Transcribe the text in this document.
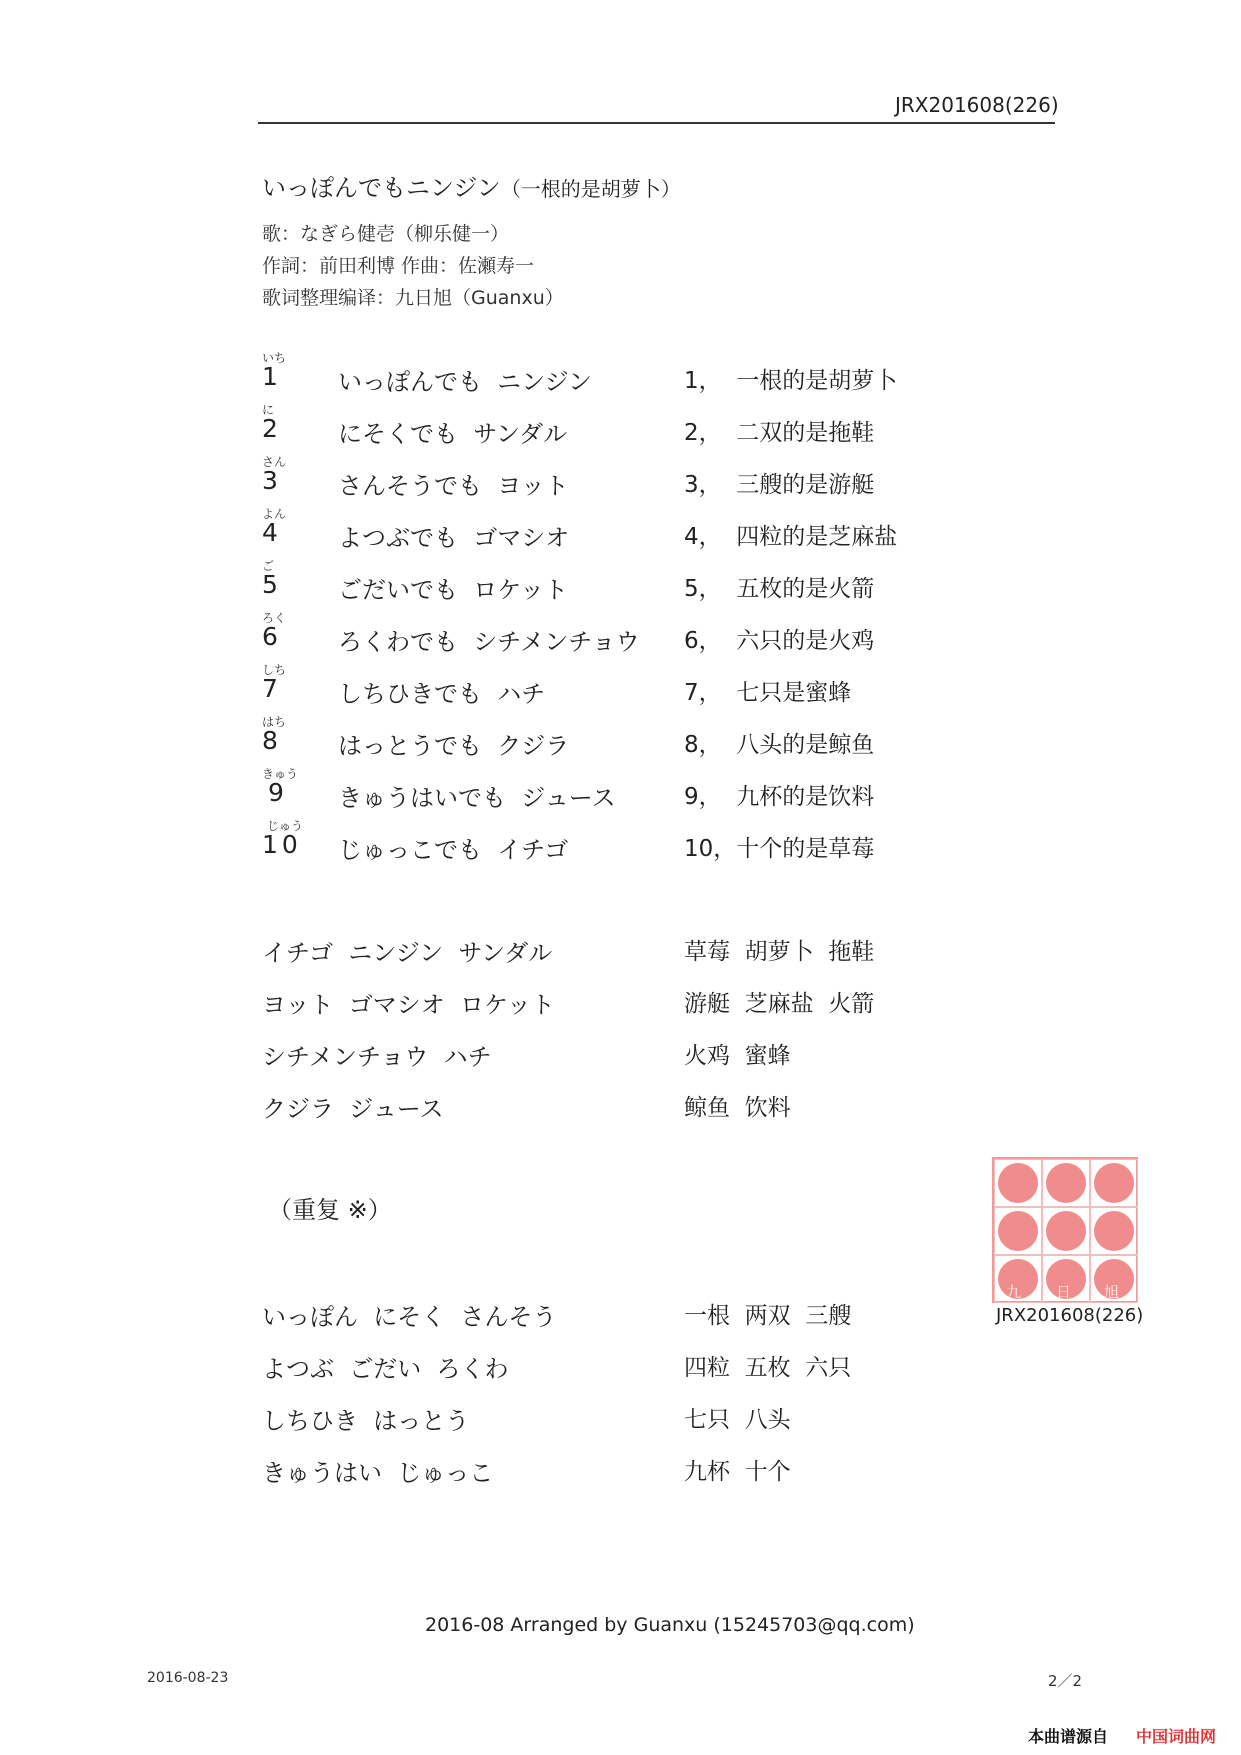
JRX201608(226)
いっぽんでもニンジン（一根的是胡萝卜）
歌：なぎら健壱（柳乐健一）
作詞：前田利博 作曲：佐瀬寿一
歌词整理编译：九日旭（Guanxu）
いち
1 いっぽんでも  ニンジン	1，  一根的是胡萝卜
に
2 にそくでも  サンダル	2，  二双的是拖鞋
さん
3 さんそうでも  ヨット	3，  三艘的是游艇
よん
4 よつぶでも  ゴマシオ	4，  四粒的是芝麻盐
ご
5 ごだいでも  ロケット	5，  五枚的是火箭
ろく
6 ろくわでも  シチメンチョウ 6，  六只的是火鸡
しち
7 しちひきでも  ハチ	7，  七只是蜜蜂
はち
8 はっとうでも  クジラ	8，  八头的是鲸鱼
きゅう
9 きゅうはいでも  ジュース	9，  九杯的是饮料
じゅう
10 じゅっこでも  イチゴ	10，十个的是草莓
イチゴ  ニンジン  サンダル	草莓  胡萝卜  拖鞋
ヨット  ゴマシオ  ロケット	游艇  芝麻盐  火箭
シチメンチョウ  ハチ	火鸡  蜜蜂
クジラ  ジュース	鲸鱼  饮料
（重复 ※）
いっぽん  にそく  さんそう	一根  两双  三艘
よつぶ  ごだい  ろくわ	四粒  五枚  六只
しちひき  はっとう	七只  八头
きゅうはい  じゅっこ	九杯  十个
九 日 旭
JRX201608(226)
2016-08 Arranged by Guanxu (15245703@qq.com)
2016-08-23	2／2
本曲谱源自 中国词曲网
